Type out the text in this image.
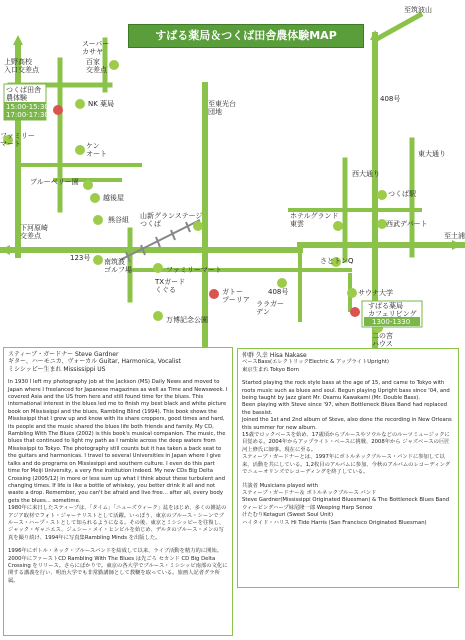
すばる薬局＆つくば田舎農体験MAP
スーパー
カサヤ
百家
交差点
上野高校
入口交差点
つくば田舎
農体験
15:00-15:30
17:00-17:30
NK 薬局
ファミリー
マート	ケン
オート
ブルーベリー園
越後屋
熊谷組 山新グランステージ
つくば
下河原崎
交差点
123号 南筑波
ゴルフ場
TXガード
くぐる
ファミリーマート
ガトー
プーリア
万博記念公園
至東光台
団地
408号
408号
ララガー
デン
西大通り
東大通り
つくば駅
ホテルグランド
東雲	西武デパート
さとトンQ
サウナ大学
すばる薬局
カフェリビング
1300-1330
二の宮
ハウス
至筑波山
至土浦

スティーブ・ガードナー Steve Gardner

ギター、ハーモニカ、ヴォーカル Guitar, Harmonica, Vocalist

ミシシッピー生まれ Mississippi US

In 1930 I left my photography job at the Jackson (MS) Daily News and moved to Japan where I freelanced for Japanese magazines as well as Time and Newsweek. I covered Asia and the US from here and still found time for the blues. This international interest in the blues led me to finish my best black and white picture book on Mississippi and the blues, Rambling Blind (1994). This book shows the Mississippi that I grew up and know with its share croppers, good times and hard, its people and the music shared the blues life both friends and family. My CD, Rambling With The Blues (2002) is this book's musical companion. The music, the blues that continued to light my path as I ramble across the deep waters from Mississippi to Tokyo. The photography still counts but it has taken a back seat to the guitars and harmonicas. I travel to several Universities in Japan where I give talks and do programs on Mississippi and southern culture. I even do this part time for Meiji University, a very fine institution indeed. My new CDs Big Delta Crossing (2005/12) in more or less sum up what I think about these turbulent and changing times. If life is like a bottle of whiskey, you better drink it all and not waste a drop. Remember, you can't be afraid and live free... after all, every body gets the blues... sometime.

1980年に来日したスティーブは、「タイム」「ニューズウィーク」誌をはじめ、多くの雑誌のアジア取材でフォト・ジャーナリストとして活躍。いっぽう、東京のブルース・シーンでブルース・ハープ・ストとして知られるようになる。その後、東京とミシシッピーを往復し、ジャック・ギャニエス、ジェシー・メイ・ヒンピルを始じめ、デルタのブルース・メンの写真を撮り続け、1994年に写真集Rambling Minds を出版した。

1996年にボトル・ネック・ブルースバンドを結成して以来、ライブ活動を精力的に開始。2000年にファーストCD Rambling With The Blues は先ごろ セカンド CD Big Delta Crossing をリリース。さらにばかりで。東京の各大学でブルース・ミシシッピ南部の文化に関する講義を行い、明治大学でも非常勤講師として教鞭を取っている。旅画人記者グラ所属。

仲群 久幸 Hisa Nakase

ベースBass(エレクトリックElectric & アップライトUpright)

東京生まれ Tokyo Born

Started playing the rock style bass at the age of 15, and came to Tokyo with roots music such as blues and soul. Begun playing Upright bass since '04, and being taught by jazz giant Mr. Osamu Kawakami (Mr. Double Bass).

Been playing with Steve since '97, when Bottleneck Blues Band had replaced the bassist.

Joined the 1st and 2nd album of Steve, also done the recording in New Orleans this summer for new album.

15歳でロックベースを始め、17歳頃からブルースやソウルなどのルーツミュージックに目覚める。2004年からアップライト・ベースに挑戦、2008年から ジャズベースの巨匠 河上修氏に師事。現在に至る。

スティーブ・ガードナーとは、1997年にボトルネックブルース・バンドに参加して以来、活動を共にしている。1,2枚目のアルバムに参加、今秋のアルバムのレコーディングでニューオリンズでレコーディングを終了している。

共演者 Musicians played with

スティーブ・ガードナー＆ ボトルネックブルース バンド

Steve Gardner(Mississippi Originated Bluesman) & The Bottleneck Blues Band

ウィーピングハープ妹尾隆一郎 Weeping Harp Senoo

けたむりKetaguri (Sweet Soul Unit)

ハイタイド・ハリス Hi Tide Harris (San Francisco Originated Bluesman)
